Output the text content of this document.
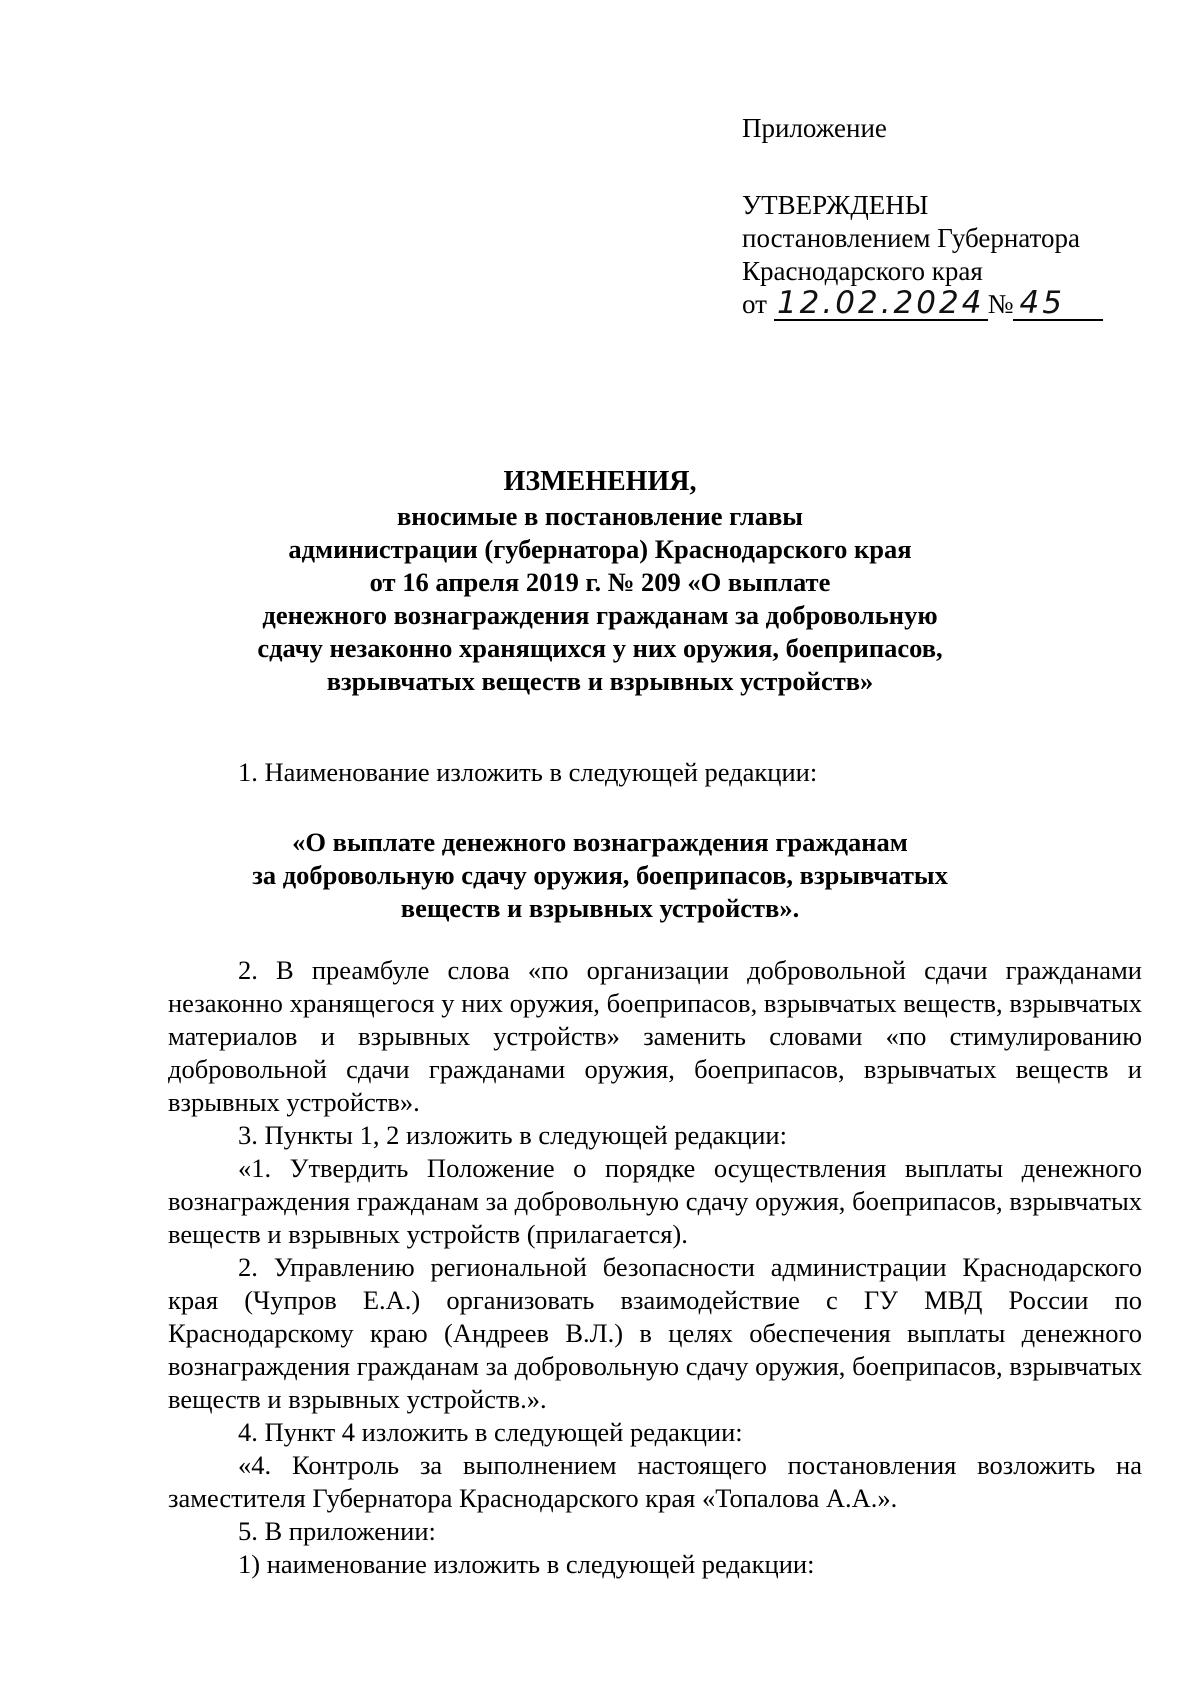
Приложение
УТВЕРЖДЕНЫ
постановлением Губернатора
Краснодарского края
от 12.02.2024 № 45
ИЗМЕНЕНИЯ,
вносимые в постановление главы
администрации (губернатора) Краснодарского края
от 16 апреля 2019 г. № 209 «О выплате
денежного вознаграждения гражданам за добровольную
сдачу незаконно хранящихся у них оружия, боеприпасов,
взрывчатых веществ и взрывных устройств»
1. Наименование изложить в следующей редакции:
«О выплате денежного вознаграждения гражданам
за добровольную сдачу оружия, боеприпасов, взрывчатых
веществ и взрывных устройств».

2. В преамбуле слова «по организации добровольной сдачи гражданами незаконно хранящегося у них оружия, боеприпасов, взрывчатых веществ, взрывчатых материалов и взрывных устройств» заменить словами «по стимулированию добровольной сдачи гражданами оружия, боеприпасов, взрывчатых веществ и взрывных устройств».

3. Пункты 1, 2 изложить в следующей редакции:

«1. Утвердить Положение о порядке осуществления выплаты денежного вознаграждения гражданам за добровольную сдачу оружия, боеприпасов, взрывчатых веществ и взрывных устройств (прилагается).

2. Управлению региональной безопасности администрации Краснодарского края (Чупров Е.А.) организовать взаимодействие с ГУ МВД России по Краснодарскому краю (Андреев В.Л.) в целях обеспечения выплаты денежного вознаграждения гражданам за добровольную сдачу оружия, боеприпасов, взрывчатых веществ и взрывных устройств.».

4. Пункт 4 изложить в следующей редакции:

«4. Контроль за выполнением настоящего постановления возложить на заместителя Губернатора Краснодарского края «Топалова А.А.».

5. В приложении:

1) наименование изложить в следующей редакции:
